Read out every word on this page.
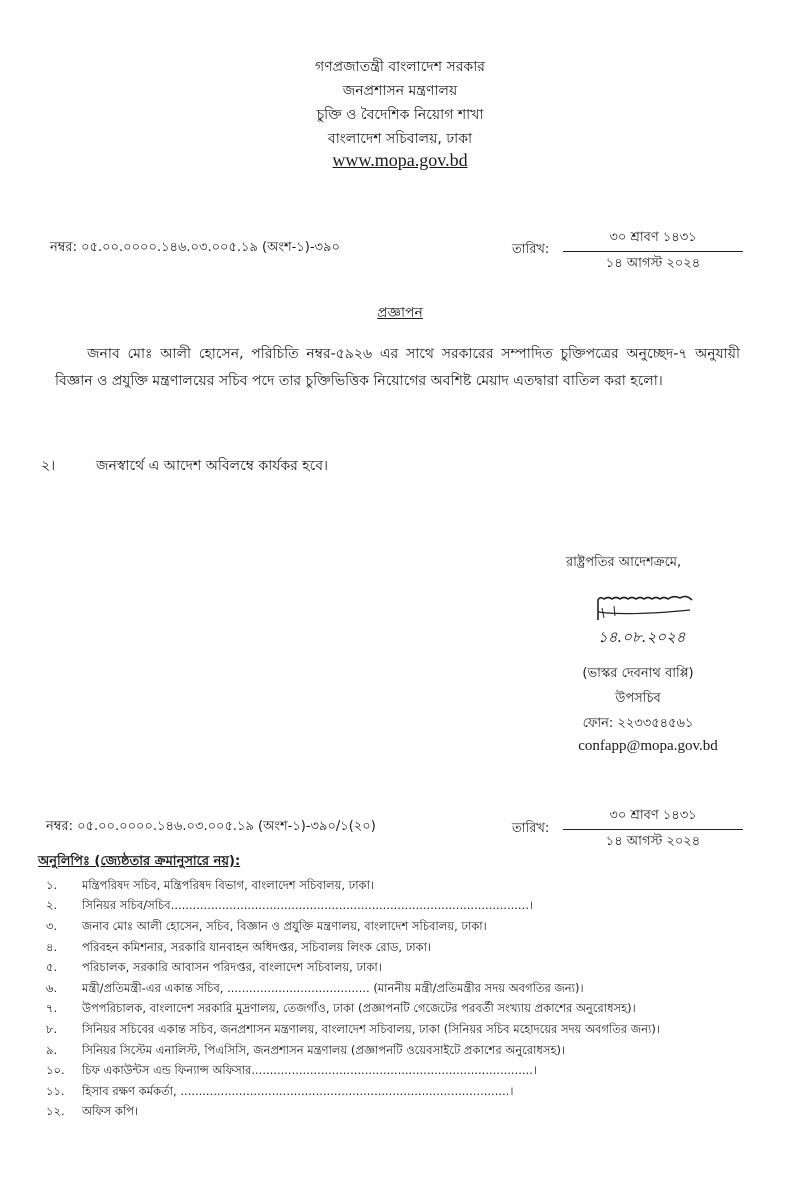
গণপ্রজাতন্ত্রী বাংলাদেশ সরকার
জনপ্রশাসন মন্ত্রণালয়
চুক্তি ও বৈদেশিক নিয়োগ শাখা
বাংলাদেশ সচিবালয়, ঢাকা
www.mopa.gov.bd
নম্বর: ০৫.০০.০০০০.১৪৬.০৩.০০৫.১৯ (অংশ-১)-৩৯০	তারিখ:
৩০ শ্রাবণ ১৪৩১
১৪ আগস্ট ২০২৪
প্রজ্ঞাপন
জনাব মোঃ আলী হোসেন, পরিচিতি নম্বর-৫৯২৬ এর সাথে সরকারের সম্পাদিত চুক্তিপত্রের অনুচ্ছেদ-৭ অনুযায়ী বিজ্ঞান ও প্রযুক্তি মন্ত্রণালয়ের সচিব পদে তার চুক্তিভিত্তিক নিয়োগের অবশিষ্ট মেয়াদ এতদ্বারা বাতিল করা হলো।
২।	জনস্বার্থে এ আদেশ অবিলম্বে কার্যকর হবে।
রাষ্ট্রপতির আদেশক্রমে,
১৪.০৮.২০২৪
(ভাস্কর দেবনাথ বাপ্পি)
উপসচিব
ফোন: ২২৩৩৫৪৫৬১
confapp@mopa.gov.bd
নম্বর: ০৫.০০.০০০০.১৪৬.০৩.০০৫.১৯ (অংশ-১)-৩৯০/১(২০)	তারিখ:
৩০ শ্রাবণ ১৪৩১
১৪ আগস্ট ২০২৪
অনুলিপিঃ (জ্যেষ্ঠতার ক্রমানুসারে নয়):
১.	মন্ত্রিপরিষদ সচিব, মন্ত্রিপরিষদ বিভাগ, বাংলাদেশ সচিবালয়, ঢাকা।
২.	সিনিয়র সচিব/সচিব..................................................................................................।
৩.	জনাব মোঃ আলী হোসেন, সচিব, বিজ্ঞান ও প্রযুক্তি মন্ত্রণালয়, বাংলাদেশ সচিবালয়, ঢাকা।
৪.	পরিবহন কমিশনার, সরকারি যানবাহন অধিদপ্তর, সচিবালয় লিংক রোড, ঢাকা।
৫.	পরিচালক, সরকারি আবাসন পরিদপ্তর, বাংলাদেশ সচিবালয়, ঢাকা।
৬.	মন্ত্রী/প্রতিমন্ত্রী-এর একান্ত সচিব, ....................................... (মাননীয় মন্ত্রী/প্রতিমন্ত্রীর সদয় অবগতির জন্য)।
৭.	উপপরিচালক, বাংলাদেশ সরকারি মুদ্রণালয়, তেজগাঁও, ঢাকা (প্রজ্ঞাপনটি গেজেটের পরবর্তী সংখ্যায় প্রকাশের অনুরোধসহ)।
৮.	সিনিয়র সচিবের একান্ত সচিব, জনপ্রশাসন মন্ত্রণালয়, বাংলাদেশ সচিবালয়, ঢাকা (সিনিয়র সচিব মহোদয়ের সদয় অবগতির জন্য)।
৯.	সিনিয়র সিস্টেম এনালিস্ট, পিএসিসি, জনপ্রশাসন মন্ত্রণালয় (প্রজ্ঞাপনটি ওয়েবসাইটে প্রকাশের অনুরোধসহ)।
১০.	চিফ একাউন্টস এন্ড ফিন্যান্স অফিসার.............................................................................।
১১.	হিসাব রক্ষণ কর্মকর্তা, ..........................................................................................।
১২.	অফিস কপি।
